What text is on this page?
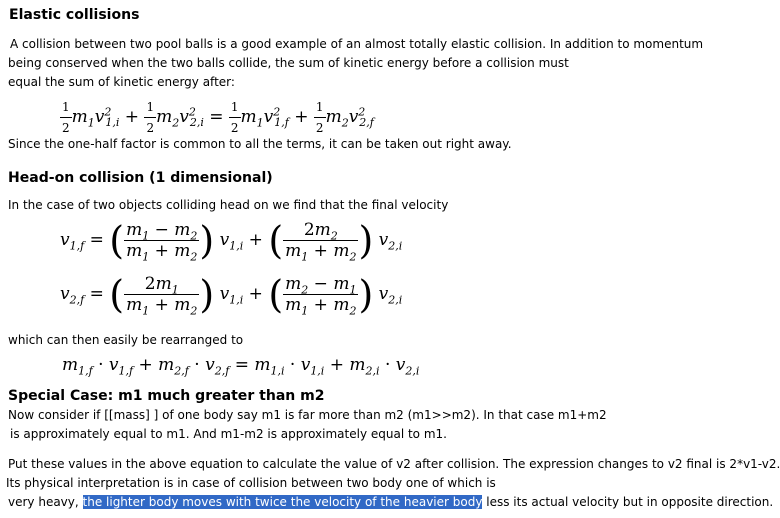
Elastic collisions
A collision between two pool balls is a good example of an almost totally elastic collision. In addition to momentum
being conserved when the two balls collide, the sum of kinetic energy before a collision must
equal the sum of kinetic energy after:
$\frac{1}{2} m_1v^2_{1,i} + \frac{1}{2} m_2v^2_{2,i} = \frac{1}{2} m_1v^2_{1,f} + \frac{1}{2} m_2v^2_{2,f}$
Since the one-half factor is common to all the terms, it can be taken out right away.
Head-on collision (1 dimensional)
In the case of two objects colliding head on we find that the final velocity
$v_{1,f}$ = ( $\frac{m_1 - m_2}{m_1 + m_2}$ ) $v_{1,i}$ + ( $\frac{2m_2}{m_1 + m_2}$ ) $v_{2,i}$
$v_{2,f}$ = ( $\frac{2m_1}{m_1 + m_2}$ ) $v_{1,i}$ + ( $\frac{m_2 - m_1}{m_1 + m_2}$ ) $v_{2,i}$
which can then easily be rearranged to
$m_{1,f} \cdot v_{1,f} + m_{2,f} \cdot v_{2,f} = m_{1,i} \cdot v_{1,i} + m_{2,i} \cdot v_{2,i}$
Special Case: m1 much greater than m2
Now consider if [[mass] ] of one body say m1 is far more than m2 (m1>>m2). In that case m1+m2
is approximately equal to m1. And m1-m2 is approximately equal to m1.
Put these values in the above equation to calculate the value of v2 after collision. The expression changes to v2 final is 2*v1-v2.
Its physical interpretation is in case of collision between two body one of which is
very heavy, the lighter body moves with twice the velocity of the heavier body less its actual velocity but in opposite direction.
